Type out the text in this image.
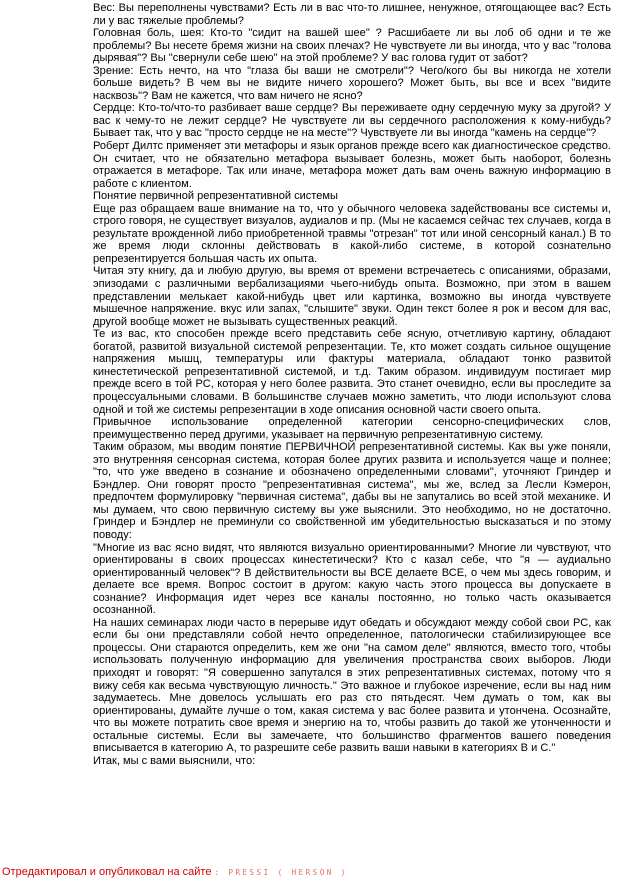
Вес: Вы переполнены чувствами? Есть ли в вас что-то лишнее, ненужное, отягощающее вас? Есть ли у вас тяжелые проблемы?

Головная боль, шея: Кто-то "сидит на вашей шее" ? Расшибаете ли вы лоб об одни и те же проблемы? Вы несете бремя жизни на своих плечах? Не чувствуете ли вы иногда, что у вас "голова дырявая"? Вы "свернули себе шею" на этой проблеме? У вас голова гудит от забот?

Зрение: Есть нечто, на что "глаза бы ваши не смотрели"? Чего/кого бы вы никогда не хотели больше видеть? В чем вы не видите ничего хорошего? Может быть, вы все и всех "видите насквозь"? Вам не кажется, что вам ничего не ясно?

Сердце: Кто-то/что-то разбивает ваше сердце? Вы переживаете одну сердечную муку за другой? У вас к чему-то не лежит сердце? Не чувствуете ли вы сердечного расположения к кому-нибудь? Бывает так, что у вас "просто сердце не на месте"? Чувствуете ли вы иногда "камень на сердце"?

Роберт Дилтс применяет эти метафоры и язык органов прежде всего как диагностическое средство. Он считает, что не обязательно метафора вызывает болезнь, может быть наоборот, болезнь отражается в метафоре. Так или иначе, метафора может дать вам очень важную информацию в работе с клиентом.

Понятие первичной репрезентативной системы

Еще раз обращаем ваше внимание на то, что у обычного человека задействованы все системы и, строго говоря, не существует визуалов, аудиалов и пр. (Мы не касаемся сейчас тех случаев, когда в результате врожденной либо приобретенной травмы "отрезан" тот или иной сенсорный канал.) В то же время люди склонны действовать в какой-либо системе, в которой сознательно репрезентируется большая часть их опыта.

Читая эту книгу, да и любую другую, вы время от времени встречаетесь с описаниями, образами, эпизодами с различными вербализациями чьего-нибудь опыта. Возможно, при этом в вашем представлении мелькает какой-нибудь цвет или картинка, возможно вы иногда чувствуете мышечное напряжение. вкус или запах, "слышите" звуки. Один текст более я рок и весом для вас, другой вообще может не вызывать существенных реакций.

Те из вас, кто способен прежде всего представить себе ясную, отчетливую картину, обладают богатой, развитой визуальной системой репрезентации. Те, кто может создать сильное ощущение напряжения мышц, температуры или фактуры материала, обладают тонко развитой кинестетической репрезентативной системой, и т.д. Таким образом. индивидуум постигает мир прежде всего в той РС, которая у него более развита. Это станет очевидно, если вы проследите за процессуальными словами. В большинстве случаев можно заметить, что люди используют слова одной и той же системы репрезентации в ходе описания основной части своего опыта.

Привычное использование определенной категории сенсорно-специфических слов, преимущественно перед другими, указывает на первичную репрезентативную систему.

Таким образом, мы вводим понятие ПЕРВИЧНОЙ репрезентативной системы. Как вы уже поняли, это внутренняя сенсорная система, которая более других развита и используется чаще и полнее; "то, что уже введено в сознание и обозначено определенными словами", уточняют Гриндер и Бэндлер. Они говорят просто "репрезентативная система", мы же, вслед за Лесли Кэмерон, предпочтем формулировку "первичная система", дабы вы не запутались во всей этой механике. И мы думаем, что свою первичную систему вы уже выяснили. Это необходимо, но не достаточно. Гриндер и Бэндлер не преминули со свойственной им убедительностью высказаться и по этому поводу:

"Многие из вас ясно видят, что являются визуально ориентированными? Многие ли чувствуют, что ориентированы в своих процессах кинестетически? Кто с казал себе, что "я — аудиально ориентированный человек"? В действительности вы ВСЕ делаете ВСЕ, о чем мы здесь говорим, и делаете все время. Вопрос состоит в другом: какую часть этого процесса вы допускаете в сознание? Информация идет через все каналы постоянно, но только часть оказывается осознанной.

На наших семинарах люди часто в перерыве идут обедать и обсуждают между собой свои РС, как если бы они представляли собой нечто определенное, патологически стабилизирующее все процессы. Они стараются определить, кем же они "на самом деле" являются, вместо того, чтобы использовать полученную информацию для увеличения пространства своих выборов. Люди приходят и говорят: "Я совершенно запутался в этих репрезентативных системах, потому что я вижу себя как весьма чувствующую личность." Это важное и глубокое изречение, если вы над ним задумаетесь. Мне довелось услышать его раз сто пятьдесят. Чем думать о том, как вы ориентированы, думайте лучше о том, какая система у вас более развита и утончена. Осознайте, что вы можете потратить свое время и энергию на то, чтобы развить до такой же утонченности и остальные системы. Если вы замечаете, что большинство фрагментов вашего поведения вписывается в категорию А, то разрешите себе развить ваши навыки в категориях В и С."

Итак, мы с вами выяснили, что:

Отредактировал и опубликовал на сайте : PRESSI ( HERSON )
